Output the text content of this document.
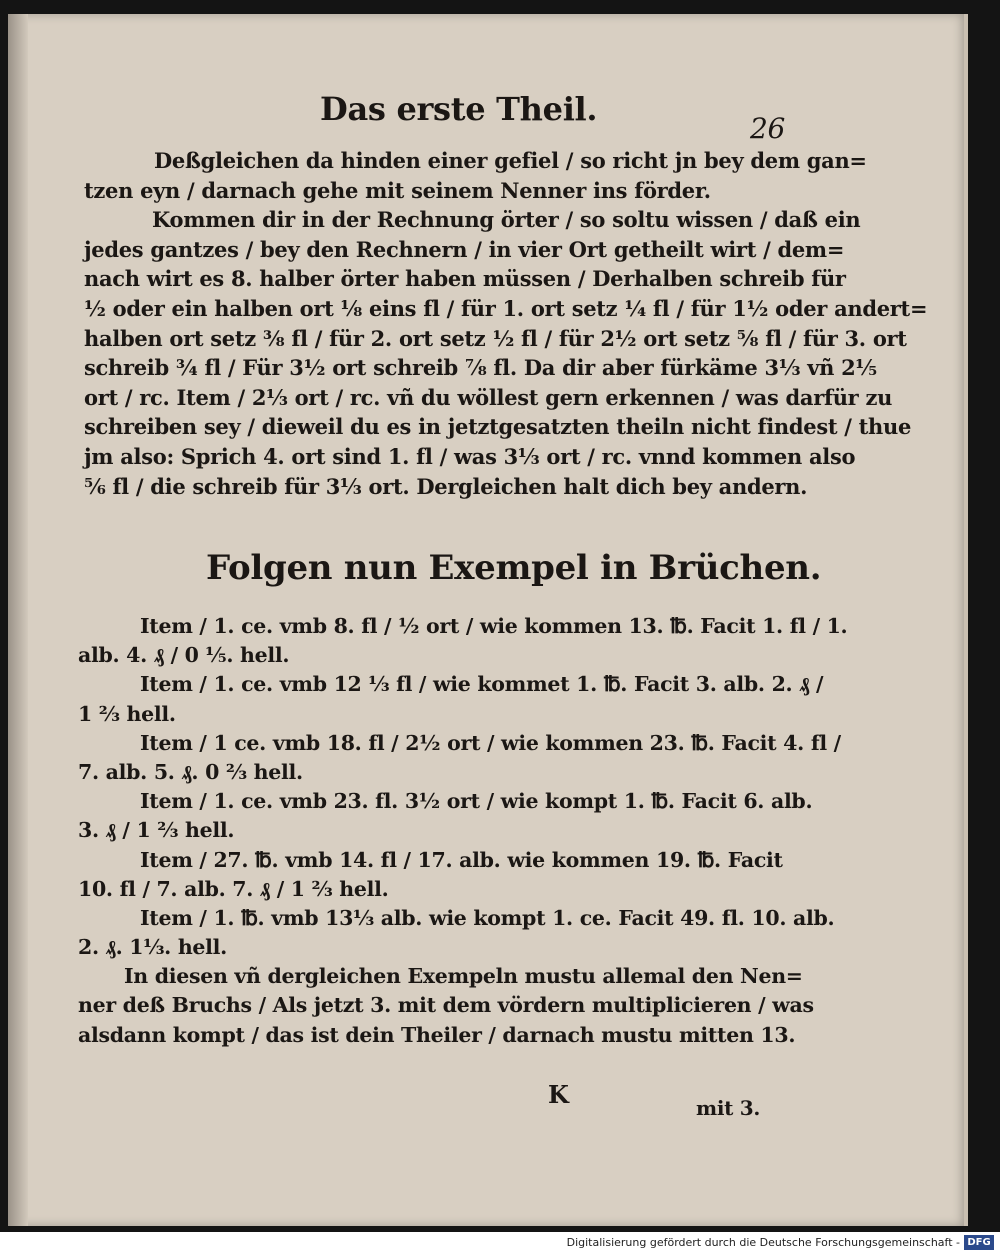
Das erste Theil.
26
Deßgleichen da hinden einer gefiel / so richt jn bey dem gan=
tzen eyn / darnach gehe mit seinem Nenner ins förder.
Kommen dir in der Rechnung örter / so soltu wissen / daß ein
jedes gantzes / bey den Rechnern / in vier Ort getheilt wirt / dem=
nach wirt es 8. halber örter haben müssen / Derhalben schreib für
½ oder ein halben ort ⅛ eins fl / für 1. ort setz ¼ fl / für 1½ oder andert=
halben ort setz ⅜ fl / für 2. ort setz ½ fl / für 2½ ort setz ⅝ fl / für 3. ort
schreib ¾ fl / Für 3½ ort schreib ⅞ fl. Da dir aber fürkäme 3⅓ vñ 2⅕
ort / rc. Item / 2⅓ ort / rc. vñ du wöllest gern erkennen / was darfür zu
schreiben sey / dieweil du es in jetztgesatzten theiln nicht findest / thue
jm also: Sprich 4. ort sind 1. fl / was 3⅓ ort / rc. vnnd kommen also
⅚ fl / die schreib für 3⅓ ort. Dergleichen halt dich bey andern.
Folgen nun Exempel in Brüchen.
Item / 1. ce. vmb 8. fl / ½ ort / wie kommen 13. ℔. Facit 1. fl / 1.
alb. 4. ₰ / 0 ⅕. hell.
Item / 1. ce. vmb 12 ⅓ fl / wie kommet 1. ℔. Facit 3. alb. 2. ₰ /
1 ⅔ hell.
Item / 1 ce. vmb 18. fl / 2½ ort / wie kommen 23. ℔. Facit 4. fl /
7. alb. 5. ₰. 0 ⅔ hell.
Item / 1. ce. vmb 23. fl. 3½ ort / wie kompt 1. ℔. Facit 6. alb.
3. ₰ / 1 ⅔ hell.
Item / 27. ℔. vmb 14. fl / 17. alb. wie kommen 19. ℔. Facit
10. fl / 7. alb. 7. ₰ / 1 ⅔ hell.
Item / 1. ℔. vmb 13⅓ alb. wie kompt 1. ce. Facit 49. fl. 10. alb.
2. ₰. 1⅓. hell.
In diesen vñ dergleichen Exempeln mustu allemal den Nen=
ner deß Bruchs / Als jetzt 3. mit dem vördern multiplicieren / was
alsdann kompt / das ist dein Theiler / darnach mustu mitten 13.
K	mit 3.
Digitalisierung gefördert durch die Deutsche Forschungsgemeinschaft - DFG
